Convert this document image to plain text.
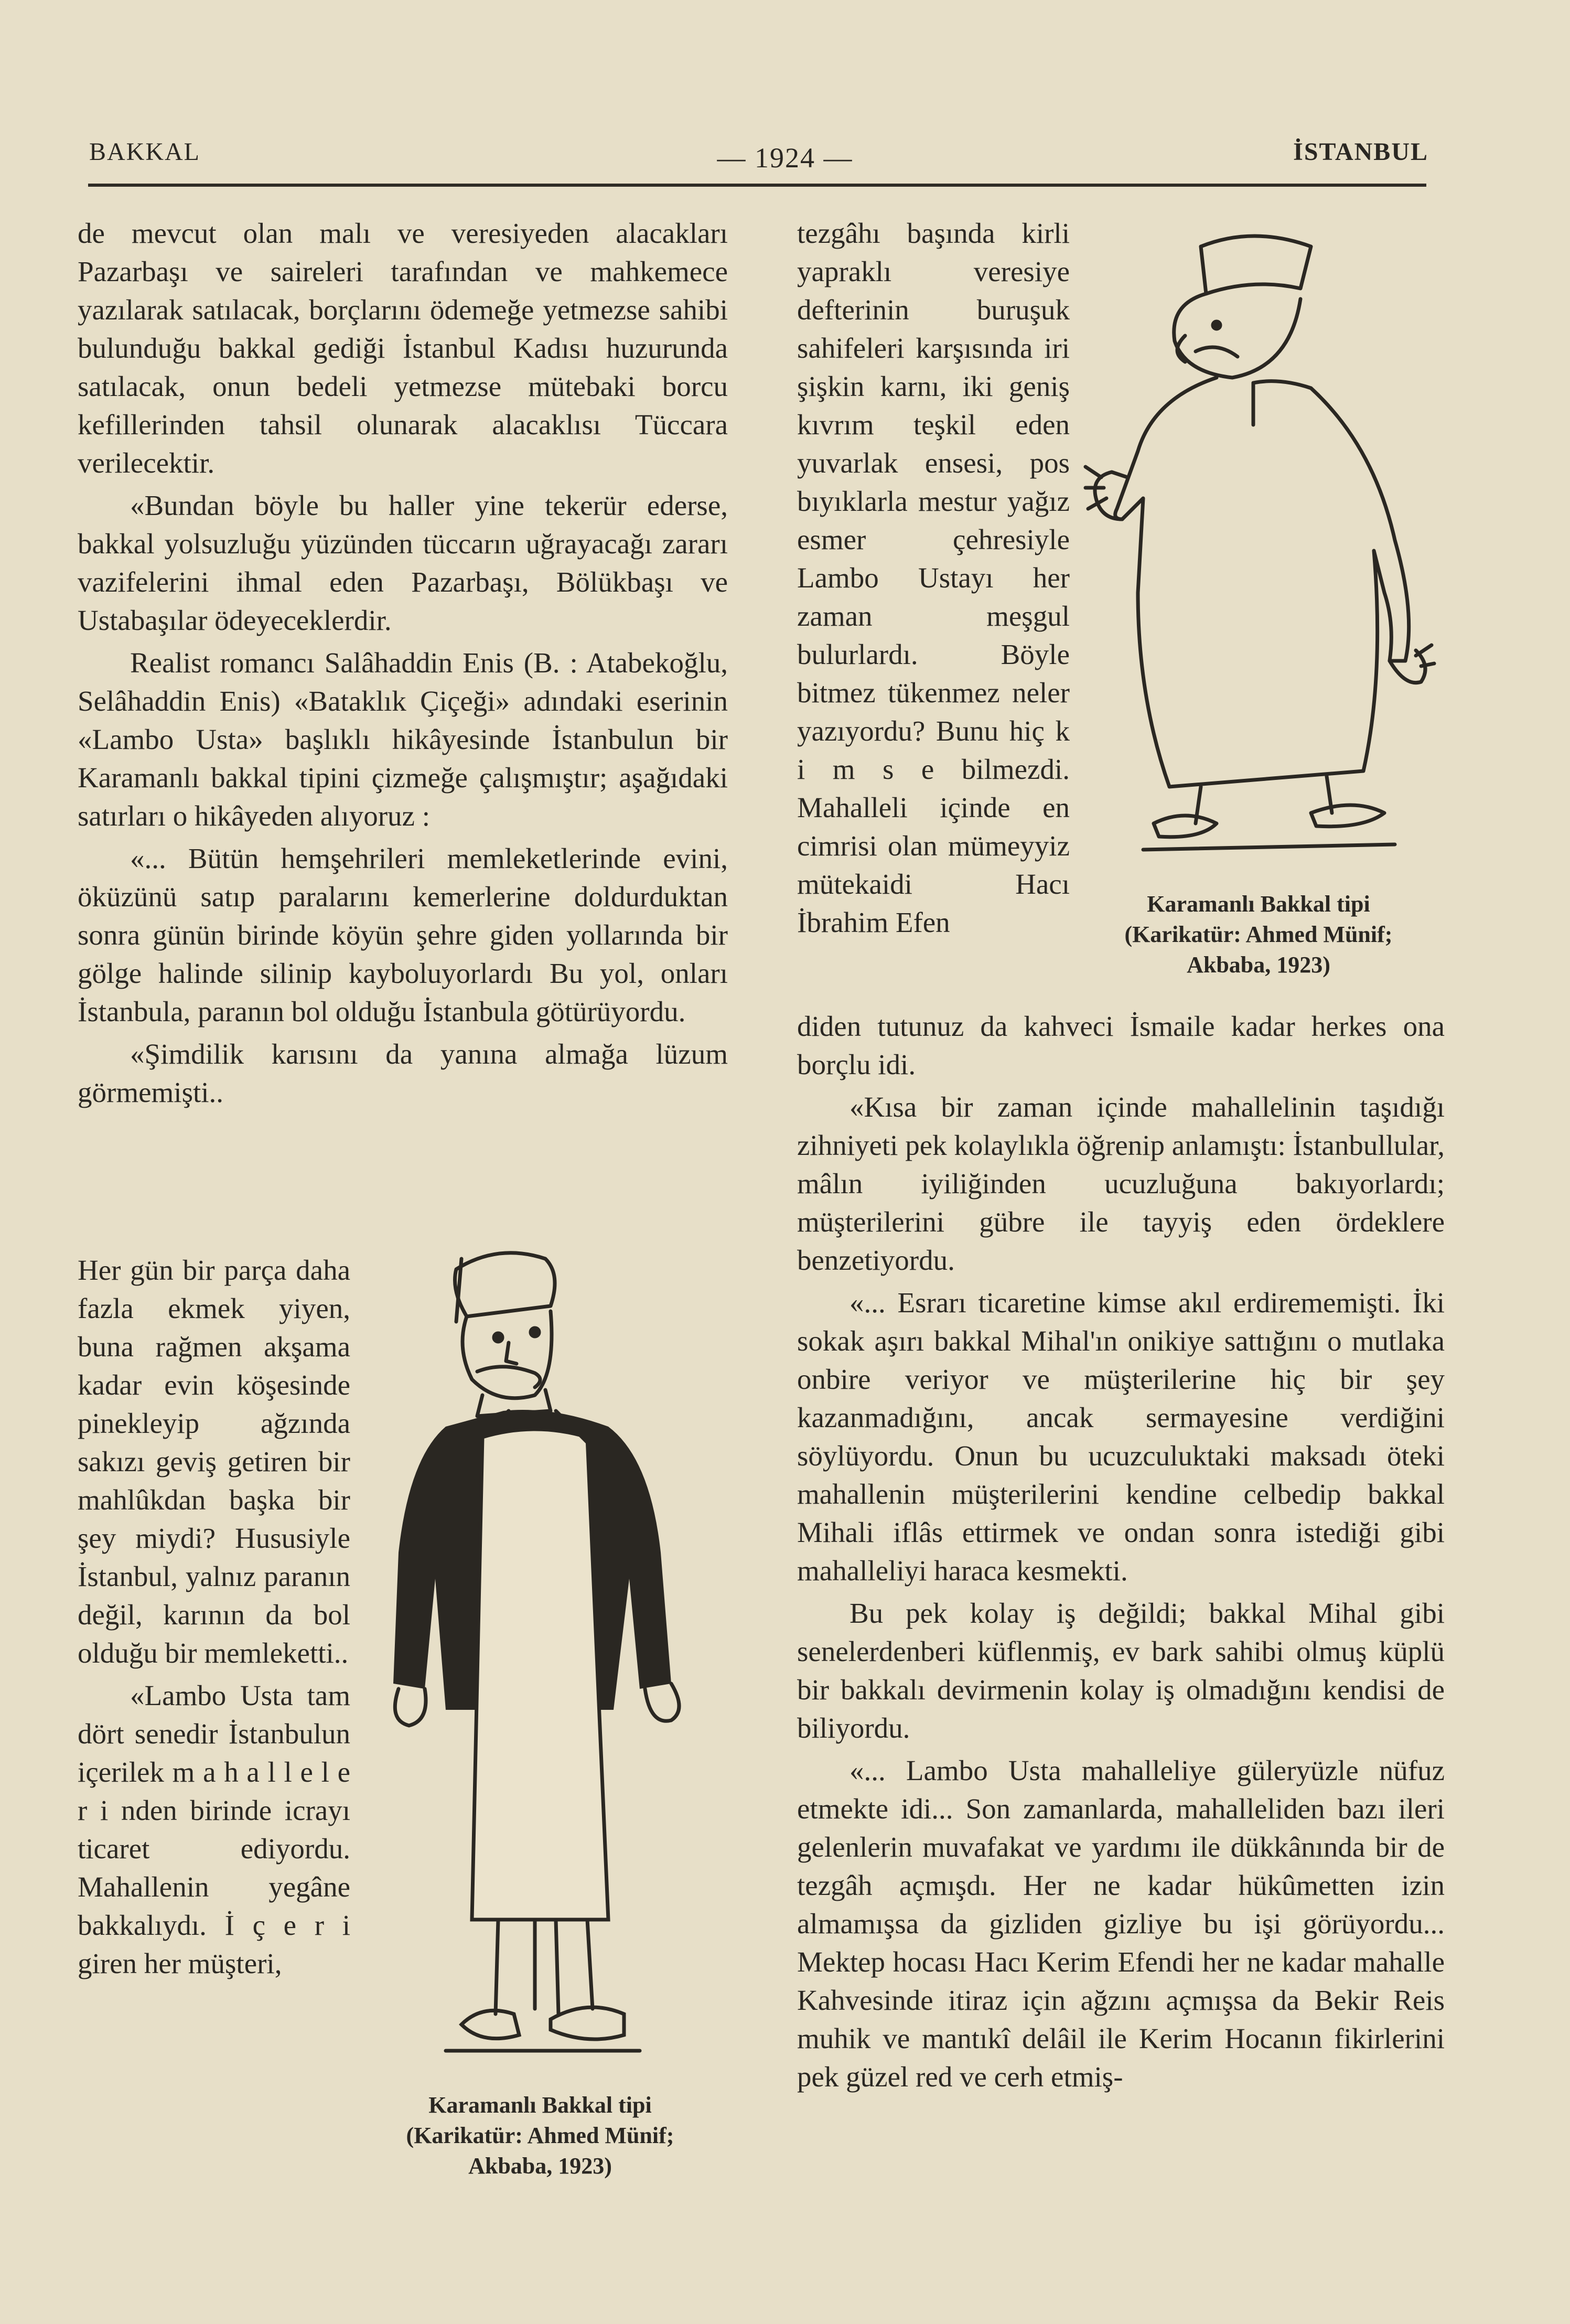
BAKKAL	— 1924 —	İSTANBUL

de mevcut olan malı ve veresiyeden alacakları Pazarbaşı ve saireleri tarafından ve mahkemece yazılarak satılacak, borçlarını ödemeğe yetmezse sahibi bulunduğu bakkal gediği İstanbul Kadısı huzurunda satılacak, onun bedeli yetmezse mütebaki borcu kefillerinden tahsil olunarak alacaklısı Tüccara verilecektir.

«Bundan böyle bu haller yine tekerür ederse, bakkal yolsuzluğu yüzünden tüccarın uğrayacağı zararı vazifelerini ihmal eden Pazarbaşı, Bölükbaşı ve Ustabaşılar ödeyeceklerdir.

Realist romancı Salâhaddin Enis (B. : Atabekoğlu, Selâhaddin Enis) «Bataklık Çiçeği» adındaki eserinin «Lambo Usta» başlıklı hikâyesinde İstanbulun bir Karamanlı bakkal tipini çizmeğe çalışmıştır; aşağıdaki satırları o hikâyeden alıyoruz :

«... Bütün hemşehrileri memleketlerinde evini, öküzünü satıp paralarını kemerlerine doldurduktan sonra günün birinde köyün şehre giden yollarında bir gölge halinde silinip kayboluyorlardı Bu yol, onları İstanbula, paranın bol olduğu İstanbula götürüyordu.

«Şimdilik karısını da yanına almağa lüzum görmemişti..

Her gün bir parça daha fazla ekmek yiyen, buna rağmen akşama kadar evin köşesinde pinekleyip ağzında sakızı geviş getiren bir mahlûkdan başka bir şey miydi? Hususiyle İstanbul, yalnız paranın değil, karının da bol olduğu bir memleketti..

«Lambo Usta tam dört senedir İstanbulun içerilek m a h a l l e l e r i nden birinde icrayı ticaret ediyordu. Mahallenin yegâne bakkalıydı. İ ç e r i giren her müşteri,

Karamanlı Bakkal tipi
(Karikatür: Ahmed Münif;
Akbaba, 1923)

tezgâhı başında kirli yapraklı veresiye defterinin buruşuk sahifeleri karşısında iri şişkin karnı, iki geniş kıvrım teşkil eden yuvarlak ensesi, pos bıyıklarla mestur yağız esmer çehresiyle Lambo Ustayı her zaman meşgul bulurlardı. Böyle bitmez tükenmez neler yazıyordu? Bunu hiç k i m s e bilmezdi. Mahalleli içinde en cimrisi olan mümeyyiz mütekaidi Hacı İbrahim Efen

Karamanlı Bakkal tipi
(Karikatür: Ahmed Münif;
Akbaba, 1923)

diden tutunuz da kahveci İsmaile kadar herkes ona borçlu idi.

«Kısa bir zaman içinde mahallelinin taşıdığı zihniyeti pek kolaylıkla öğrenip anlamıştı: İstanbullular, mâlın iyiliğinden ucuzluğuna bakıyorlardı; müşterilerini gübre ile tayyiş eden ördeklere benzetiyordu.

«... Esrarı ticaretine kimse akıl erdirememişti. İki sokak aşırı bakkal Mihal'ın onikiye sattığını o mutlaka onbire veriyor ve müşterilerine hiç bir şey kazanmadığını, ancak sermayesine verdiğini söylüyordu. Onun bu ucuzculuktaki maksadı öteki mahallenin müşterilerini kendine celbedip bakkal Mihali iflâs ettirmek ve ondan sonra istediği gibi mahalleliyi haraca kesmekti.

Bu pek kolay iş değildi; bakkal Mihal gibi senelerdenberi küflenmiş, ev bark sahibi olmuş küplü bir bakkalı devirmenin kolay iş olmadığını kendisi de biliyordu.

«... Lambo Usta mahalleliye güleryüzle nüfuz etmekte idi... Son zamanlarda, mahalleliden bazı ileri gelenlerin muvafakat ve yardımı ile dükkânında bir de tezgâh açmışdı. Her ne kadar hükûmetten izin almamışsa da gizliden gizliye bu işi görüyordu... Mektep hocası Hacı Kerim Efendi her ne kadar mahalle Kahvesinde itiraz için ağzını açmışsa da Bekir Reis muhik ve mantıkî delâil ile Kerim Hocanın fikirlerini pek güzel red ve cerh etmiş-
